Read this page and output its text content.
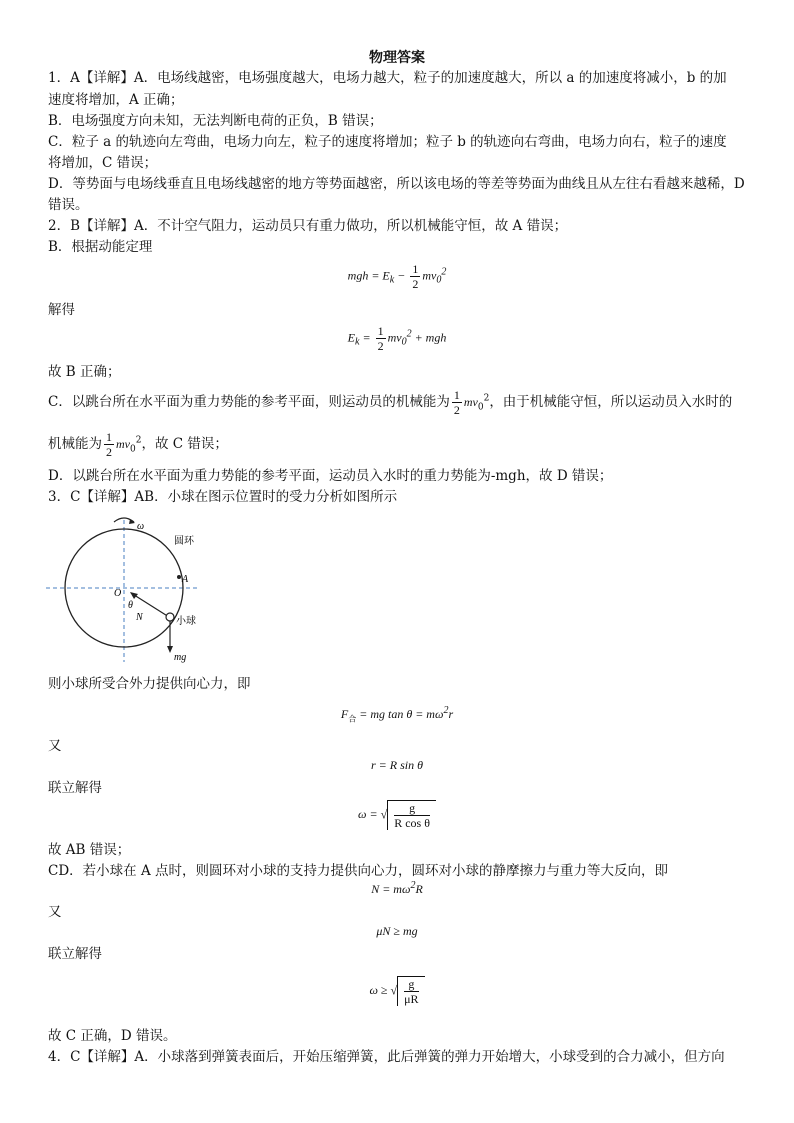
物理答案
1．A【详解】A．电场线越密，电场强度越大，电场力越大，粒子的加速度越大，所以 a 的加速度将减小，b 的加
速度将增加，A 正确；
B．电场强度方向未知，无法判断电荷的正负，B 错误；
C．粒子 a 的轨迹向左弯曲，电场力向左，粒子的速度将增加；粒子 b 的轨迹向右弯曲，电场力向右，粒子的速度
将增加，C 错误；
D．等势面与电场线垂直且电场线越密的地方等势面越密，所以该电场的等差等势面为曲线且从左往右看越来越稀，D
错误。
2．B【详解】A．不计空气阻力，运动员只有重力做功，所以机械能守恒，故 A 错误；
B．根据动能定理
mgh = $E_k - \frac{1}{2} mv_0^2$
解得
$E_k = \frac{1}{2} mv_0^2$ + mgh
故 B 正确；
C．以跳台所在水平面为重力势能的参考平面，则运动员的机械能为 $\frac{1}{2} mv_0^2$，由于机械能守恒，所以运动员入水时的
机械能为 $\frac{1}{2} mv_0^2$，故 C 错误；
D．以跳台所在水平面为重力势能的参考平面，运动员入水时的重力势能为-mgh，故 D 错误；
3．C【详解】AB．小球在图示位置时的受力分析如图所示
ω
圆环
A
O
θ
N	小球
mg
则小球所受合外力提供向心力，即
$F_合$ = mg $\tan \theta = m\omega^2r$
又
r = R sin θ
联立解得
ω = √ $\frac{g}{\text{R cos θ}}$
故 AB 错误；
CD．若小球在 A 点时，则圆环对小球的支持力提供向心力，圆环对小球的静摩擦力与重力等大反向，即
$N = m\omega^2R$
又
μN ≥ mg
联立解得
ω ≥ √ $\frac{g}{\mu R}$
故 C 正确，D 错误。
4．C【详解】A．小球落到弹簧表面后，开始压缩弹簧，此后弹簧的弹力开始增大，小球受到的合力减小，但方向
